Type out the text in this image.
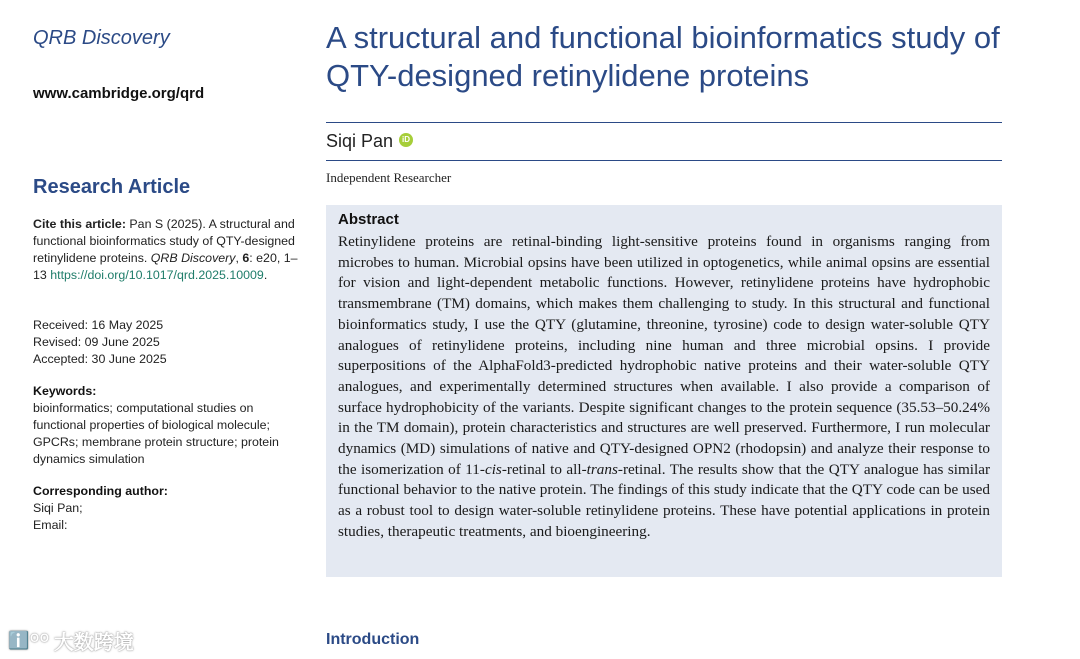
QRB Discovery
www.cambridge.org/qrd
Research Article
Cite this article: Pan S (2025). A structural and functional bioinformatics study of QTY-designed retinylidene proteins. QRB Discovery, 6: e20, 1–13 https://doi.org/10.1017/qrd.2025.10009.
Received: 16 May 2025
Revised: 09 June 2025
Accepted: 30 June 2025
Keywords:
bioinformatics; computational studies on functional properties of biological molecule; GPCRs; membrane protein structure; protein dynamics simulation
Corresponding author:
Siqi Pan;
Email:
A structural and functional bioinformatics study of QTY-designed retinylidene proteins
Siqi Pan	iD
Independent Researcher
Abstract
Retinylidene proteins are retinal-binding light-sensitive proteins found in organisms ranging from microbes to human. Microbial opsins have been utilized in optogenetics, while animal opsins are essential for vision and light-dependent metabolic functions. However, retinylidene proteins have hydrophobic transmembrane (TM) domains, which makes them challenging to study. In this structural and functional bioinformatics study, I use the QTY (glutamine, threonine, tyrosine) code to design water-soluble QTY analogues of retinylidene proteins, including nine human and three microbial opsins. I provide superpositions of the AlphaFold3-predicted hydrophobic native proteins and their water-soluble QTY analogues, and experimentally determined structures when available. I also provide a comparison of surface hydrophobicity of the variants. Despite significant changes to the protein sequence (35.53–50.24% in the TM domain), protein characteristics and structures are well preserved. Furthermore, I run molecular dynamics (MD) simulations of native and QTY-designed OPN2 (rhodopsin) and analyze their response to the isomerization of 11-cis-retinal to all-trans-retinal. The results show that the QTY analogue has similar functional behavior to the native protein. The findings of this study indicate that the QTY code can be used as a robust tool to design water-soluble retinylidene proteins. These have potential applications in protein studies, therapeutic treatments, and bioengineering.
Introduction
ℹ️ᴼᴼ 大数跨境
